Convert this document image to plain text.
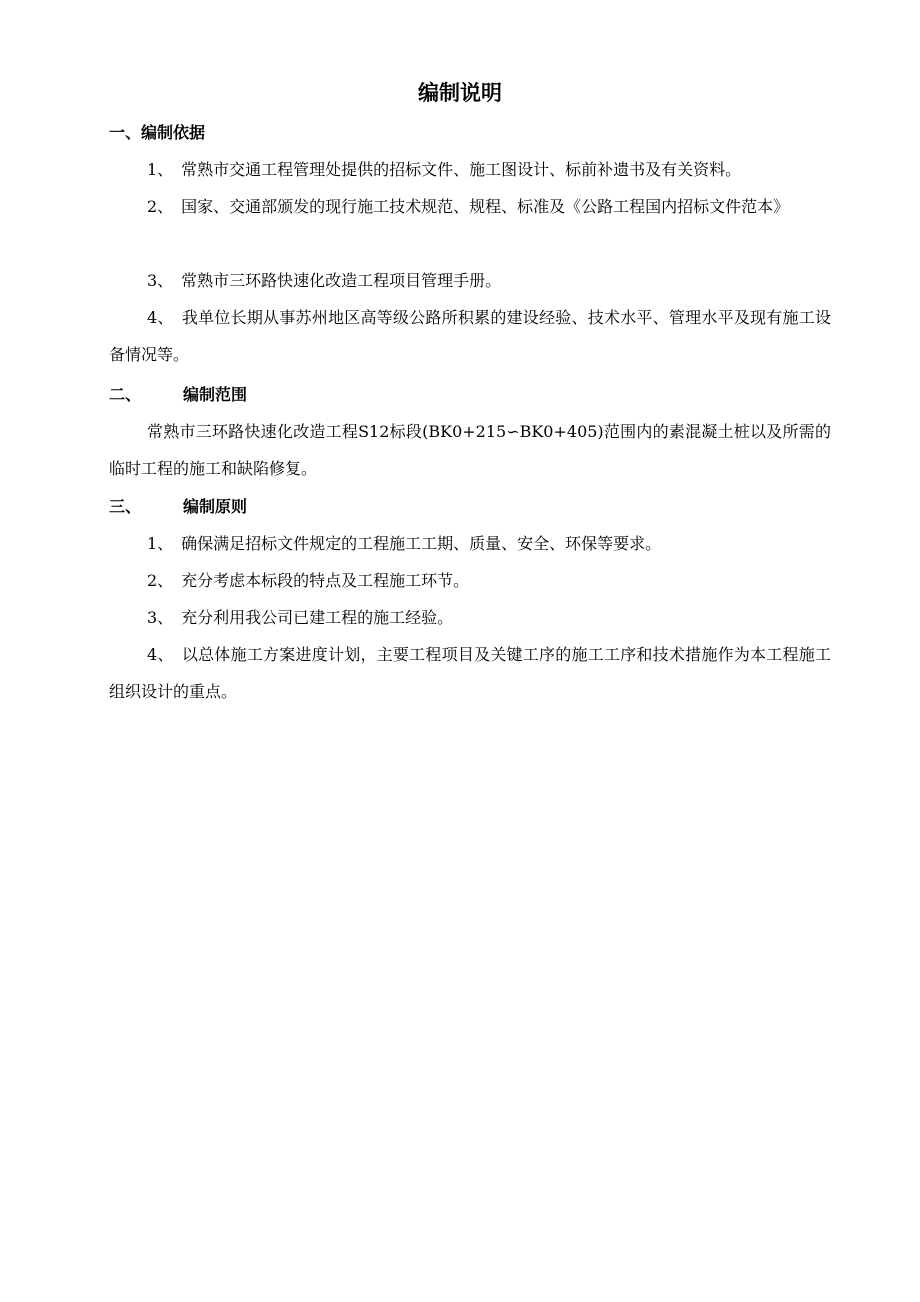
编制说明
一、编制依据

1、　常熟市交通工程管理处提供的招标文件、施工图设计、标前补遗书及有关资料。

2、　国家、交通部颁发的现行施工技术规范、规程、标准及《公路工程国内招标文件范本》

3、　常熟市三环路快速化改造工程项目管理手册。

4、　我单位长期从事苏州地区高等级公路所积累的建设经验、技术水平、管理水平及现有施工设备情况等。

二、	编制范围

常熟市三环路快速化改造工程S12标段(BK0+215∽BK0+405)范围内的素混凝土桩以及所需的临时工程的施工和缺陷修复。

三、	编制原则

1、　确保满足招标文件规定的工程施工工期、质量、安全、环保等要求。

2、　充分考虑本标段的特点及工程施工环节。

3、　充分利用我公司已建工程的施工经验。

4、　以总体施工方案进度计划，主要工程项目及关键工序的施工工序和技术措施作为本工程施工组织设计的重点。
